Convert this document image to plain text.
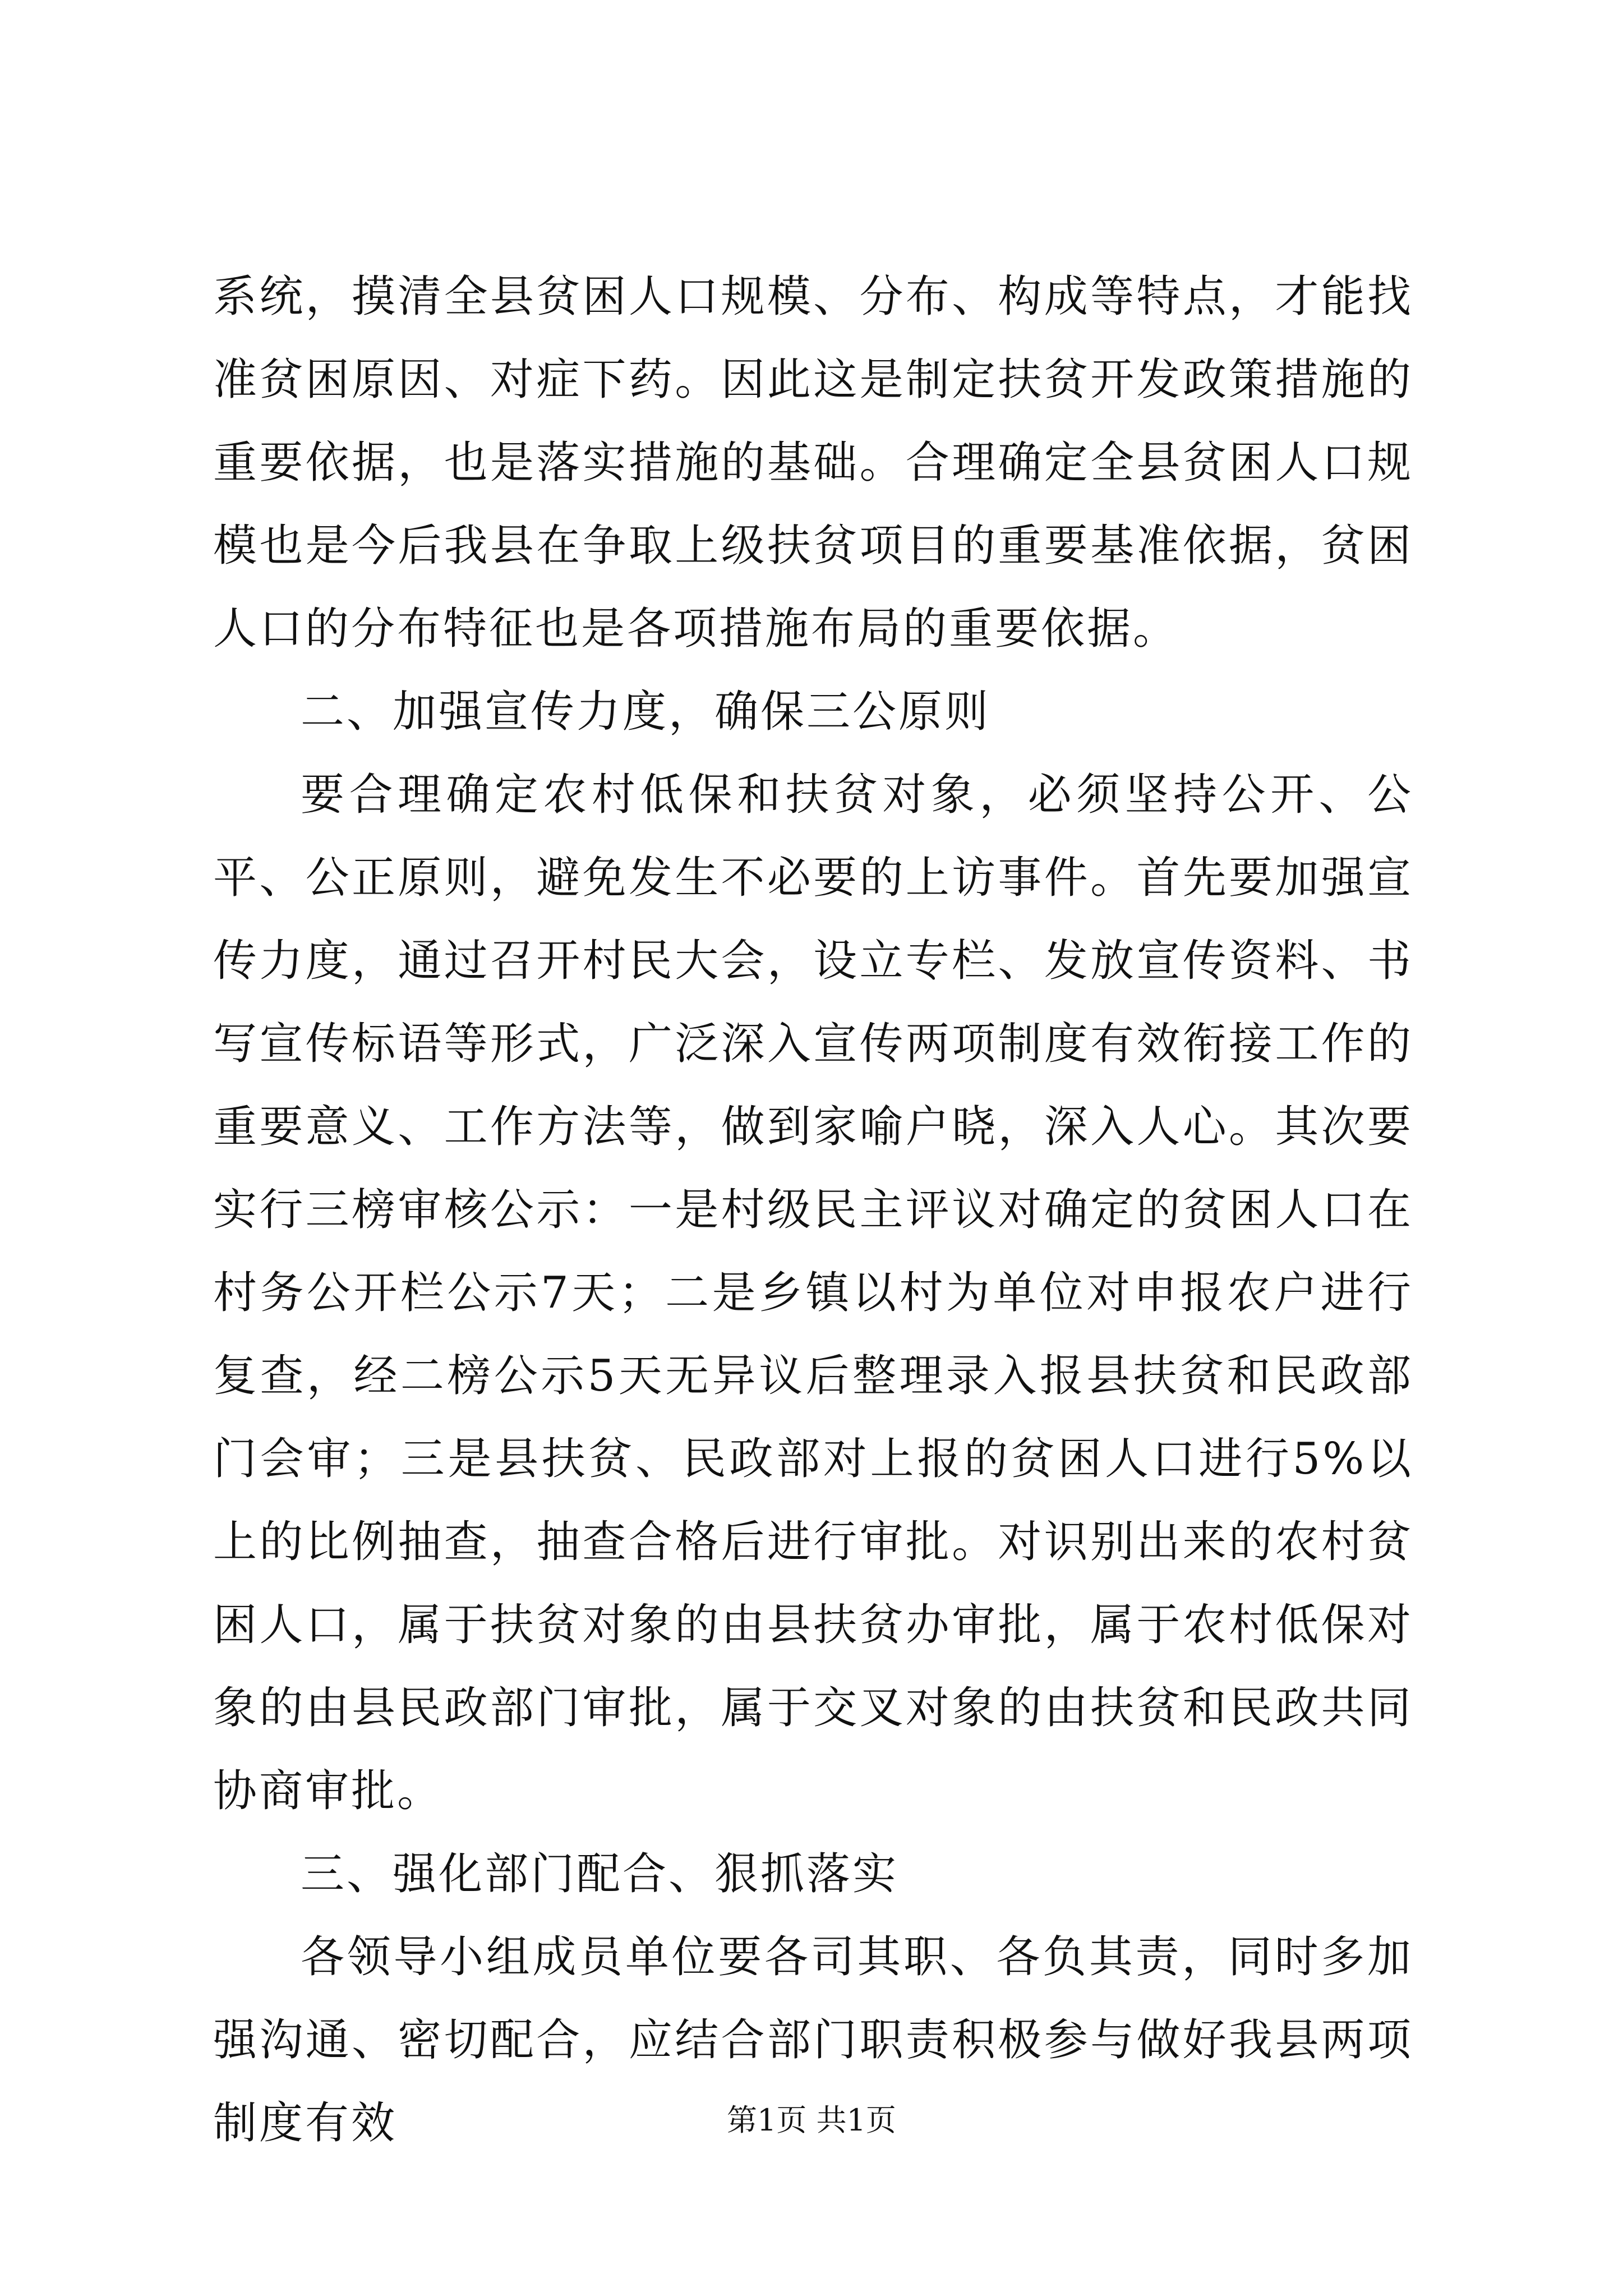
系统，摸清全县贫困人口规模、分布、构成等特点，才能找准贫困原因、对症下药。因此这是制定扶贫开发政策措施的重要依据，也是落实措施的基础。合理确定全县贫困人口规模也是今后我县在争取上级扶贫项目的重要基准依据，贫困人口的分布特征也是各项措施布局的重要依据。

二、加强宣传力度，确保三公原则

要合理确定农村低保和扶贫对象，必须坚持公开、公平、公正原则，避免发生不必要的上访事件。首先要加强宣传力度，通过召开村民大会，设立专栏、发放宣传资料、书写宣传标语等形式，广泛深入宣传两项制度有效衔接工作的重要意义、工作方法等，做到家喻户晓，深入人心。其次要实行三榜审核公示：一是村级民主评议对确定的贫困人口在村务公开栏公示7天；二是乡镇以村为单位对申报农户进行复查，经二榜公示5天无异议后整理录入报县扶贫和民政部门会审；三是县扶贫、民政部对上报的贫困人口进行5%以上的比例抽查，抽查合格后进行审批。对识别出来的农村贫困人口，属于扶贫对象的由县扶贫办审批，属于农村低保对象的由县民政部门审批，属于交叉对象的由扶贫和民政共同协商审批。

三、强化部门配合、狠抓落实

各领导小组成员单位要各司其职、各负其责，同时多加强沟通、密切配合，应结合部门职责积极参与做好我县两项制度有效	第1页 共1页
